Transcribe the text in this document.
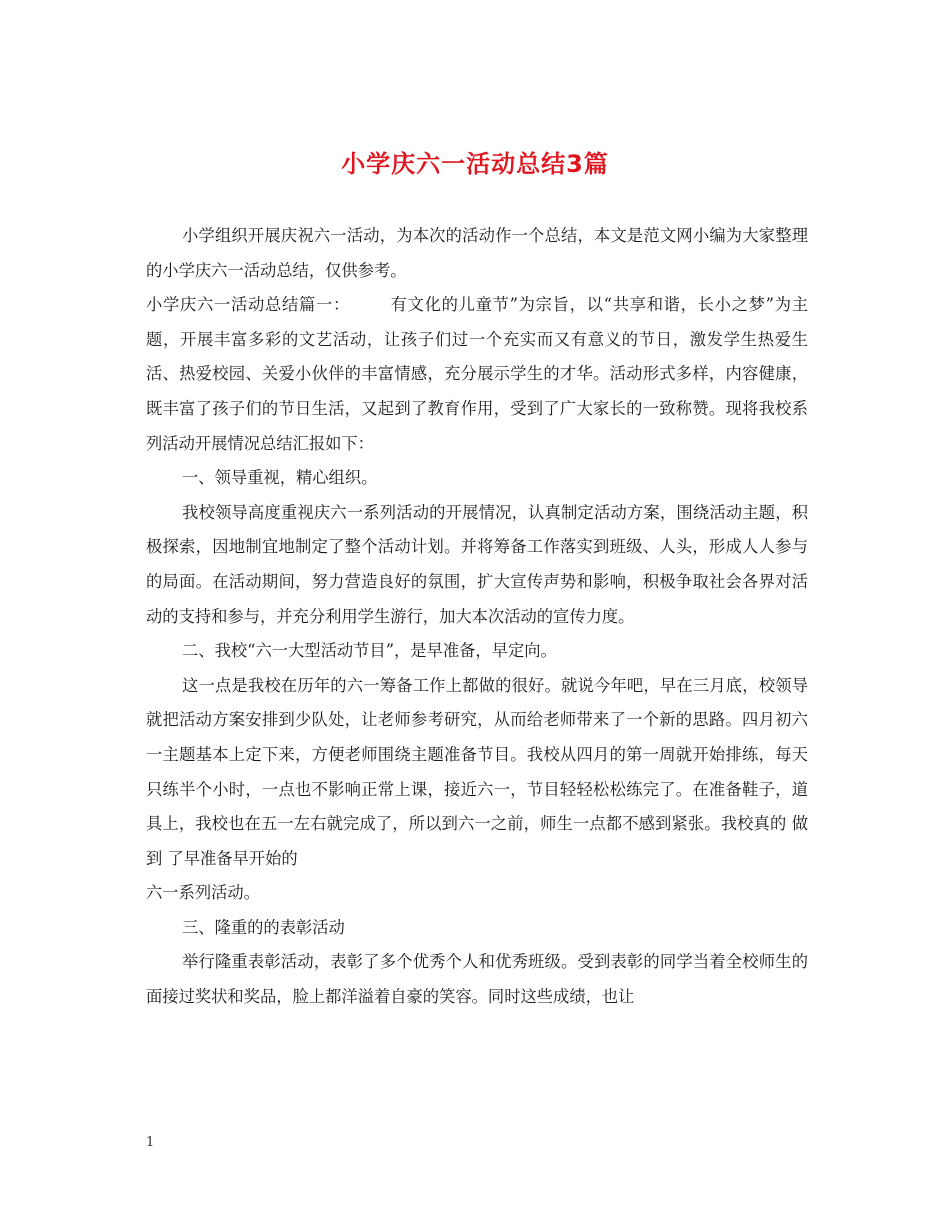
小学庆六一活动总结3篇

小学组织开展庆祝六一活动，为本次的活动作一个总结，本文是范文网小编为大家整理的小学庆六一活动总结，仅供参考。

小学庆六一活动总结篇一： 有文化的儿童节”为宗旨，以“共享和谐，长小之梦”为主题，开展丰富多彩的文艺活动，让孩子们过一个充实而又有意义的节日，激发学生热爱生活、热爱校园、关爱小伙伴的丰富情感，充分展示学生的才华。活动形式多样，内容健康，既丰富了孩子们的节日生活，又起到了教育作用，受到了广大家长的一致称赞。现将我校系列活动开展情况总结汇报如下：

一、领导重视，精心组织。

我校领导高度重视庆六一系列活动的开展情况，认真制定活动方案，围绕活动主题，积极探索，因地制宜地制定了整个活动计划。并将筹备工作落实到班级、人头，形成人人参与的局面。在活动期间，努力营造良好的氛围，扩大宣传声势和影响，积极争取社会各界对活动的支持和参与，并充分利用学生游行，加大本次活动的宣传力度。

二、我校“六一大型活动节目”，是早准备，早定向。

这一点是我校在历年的六一筹备工作上都做的很好。就说今年吧，早在三月底，校领导就把活动方案安排到少队处，让老师参考研究，从而给老师带来了一个新的思路。四月初六一主题基本上定下来，方便老师围绕主题准备节目。我校从四月的第一周就开始排练，每天只练半个小时，一点也不影响正常上课，接近六一，节目轻轻松松练完了。在准备鞋子，道具上，我校也在五一左右就完成了，所以到六一之前，师生一点都不感到紧张。我校真的 做 到 了早准备早开始的

六一系列活动。

三、隆重的的表彰活动

举行隆重表彰活动，表彰了多个优秀个人和优秀班级。受到表彰的同学当着全校师生的面接过奖状和奖品，脸上都洋溢着自豪的笑容。同时这些成绩，也让

1
